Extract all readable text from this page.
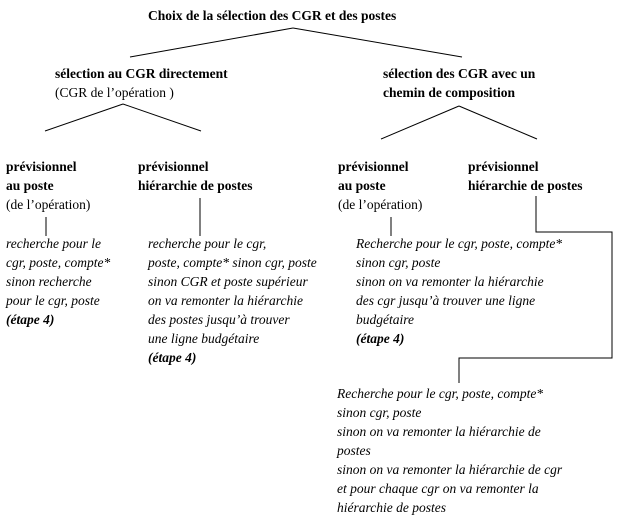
Choix de la sélection des CGR et des postes
sélection au CGR directement
(CGR de l’opération )
sélection des CGR avec un
chemin de composition
prévisionnel
au poste
(de l’opération)
recherche pour le
cgr, poste, compte*
sinon recherche
pour le cgr, poste
(étape 4)
prévisionnel
hiérarchie de postes
recherche pour le cgr,
poste, compte* sinon cgr, poste
sinon CGR et poste supérieur
on va remonter la hiérarchie
des postes jusqu’à trouver
une ligne budgétaire
(étape 4)
prévisionnel
au poste
(de l’opération)
Recherche pour le cgr, poste, compte*
sinon cgr, poste
sinon on va remonter la hiérarchie
des cgr jusqu’à trouver une ligne
budgétaire
(étape 4)
prévisionnel
hiérarchie de postes
Recherche pour le cgr, poste, compte*
sinon cgr, poste
sinon on va remonter la hiérarchie de
postes
sinon on va remonter la hiérarchie de cgr
et pour chaque cgr on va remonter la
hiérarchie de postes
